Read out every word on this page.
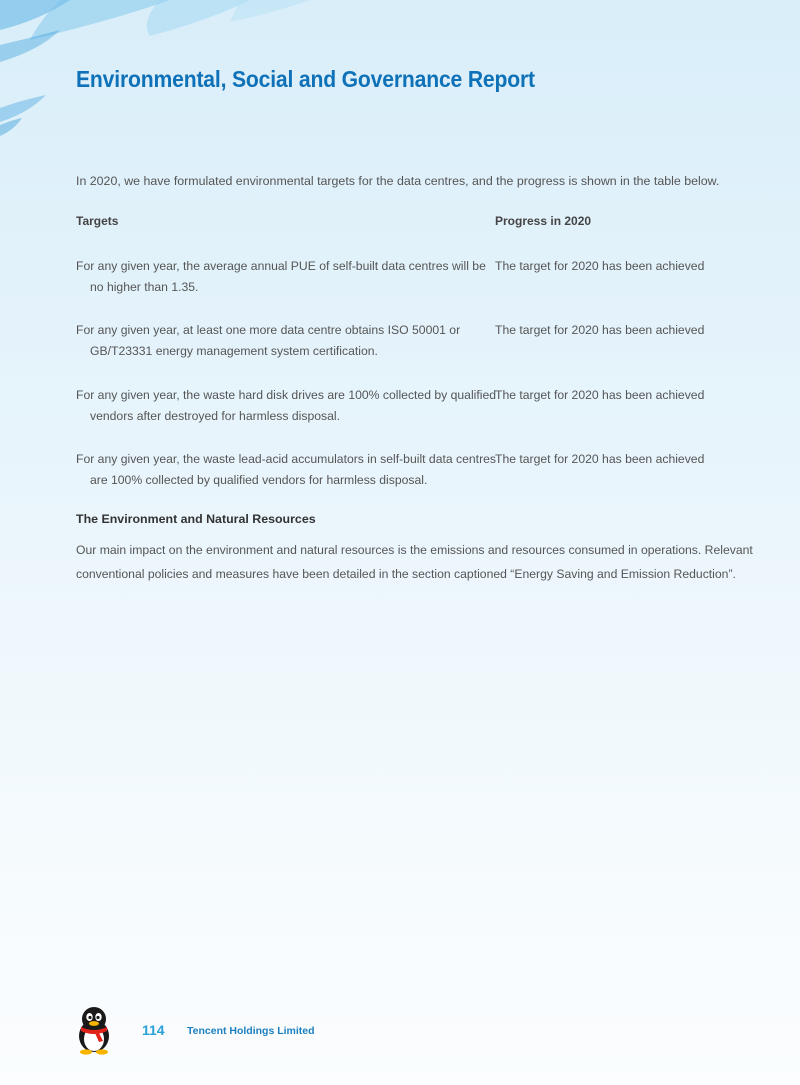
Environmental, Social and Governance Report

In 2020, we have formulated environmental targets for the data centres, and the progress is shown in the table below.

Targets	Progress in 2020

For any given year, the average annual PUE of self-built data centres will be no higher than 1.35.

The target for 2020 has been achieved

For any given year, at least one more data centre obtains ISO 50001 or GB/T23331 energy management system certification.

The target for 2020 has been achieved

For any given year, the waste hard disk drives are 100% collected by qualified vendors after destroyed for harmless disposal.

The target for 2020 has been achieved

For any given year, the waste lead-acid accumulators in self-built data centres are 100% collected by qualified vendors for harmless disposal.

The target for 2020 has been achieved

The Environment and Natural Resources

Our main impact on the environment and natural resources is the emissions and resources consumed in operations. Relevant conventional policies and measures have been detailed in the section captioned “Energy Saving and Emission Reduction”.

114 Tencent Holdings Limited
